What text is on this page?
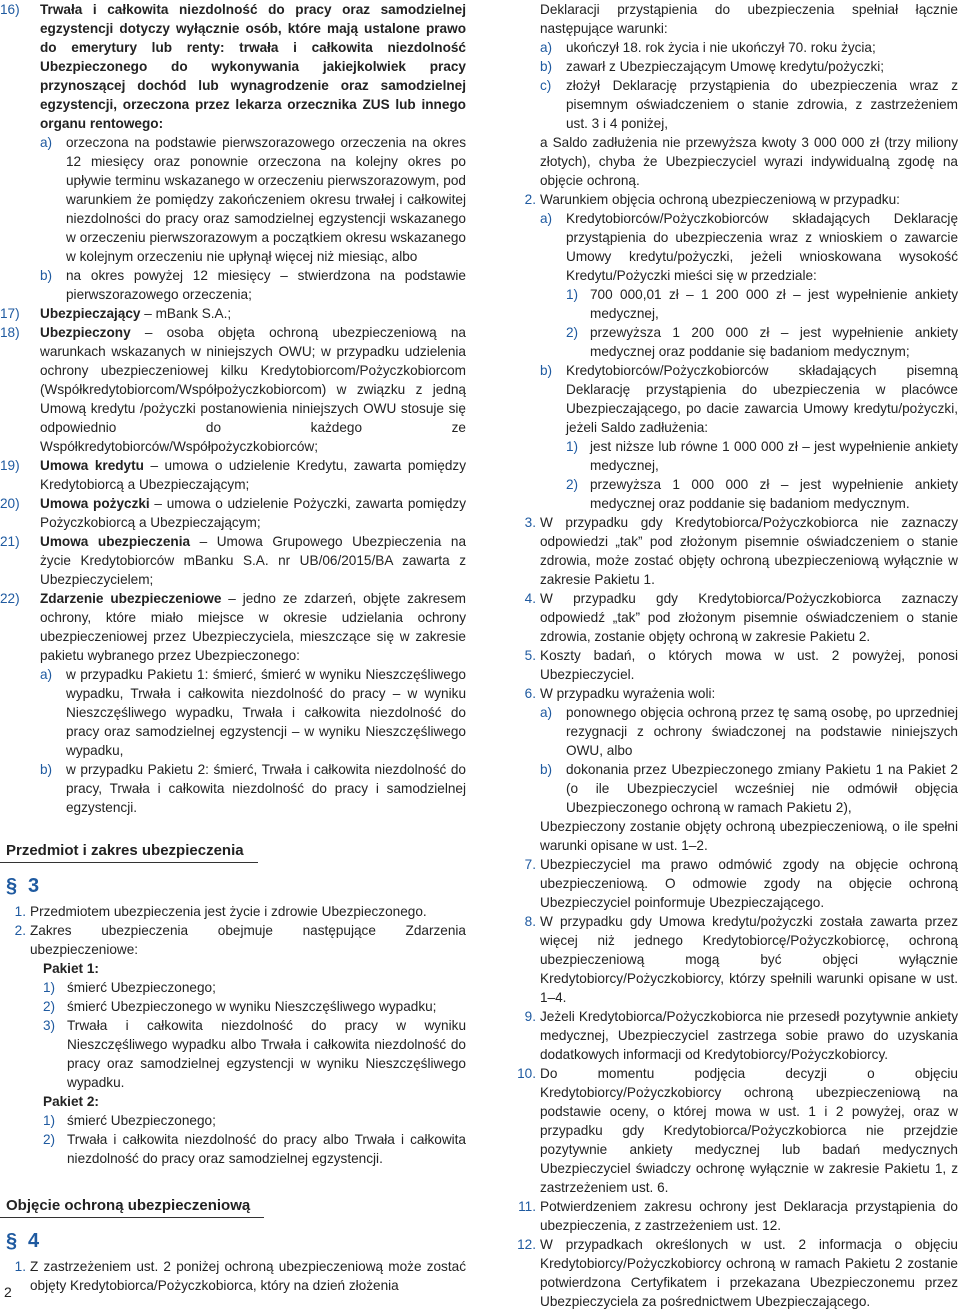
16)	Trwała i całkowita niezdolność do pracy oraz samodzielnej egzystencji dotyczy wyłącznie osób, które mają ustalone prawo do emerytury lub renty: trwała i całkowita niezdolność Ubezpieczonego do wykonywania jakiejkolwiek pracy przynoszącej dochód lub wynagrodzenie oraz samodzielnej egzystencji, orzeczona przez lekarza orzecznika ZUS lub innego organu rentowego:
a) orzeczona na podstawie pierwszorazowego orzeczenia na okres 12 miesięcy oraz ponownie orzeczona na kolejny okres po upływie terminu wskazanego w orzeczeniu pierwszorazowym, pod warunkiem że pomiędzy zakończeniem okresu trwałej i całkowitej niezdolności do pracy oraz samodzielnej egzystencji wskazanego w orzeczeniu pierwszorazowym a początkiem okresu wskazanego w kolejnym orzeczeniu nie upłynął więcej niż miesiąc, albo
b) na okres powyżej 12 miesięcy – stwierdzona na podstawie pierwszorazowego orzeczenia;
17)	Ubezpieczający – mBank S.A.;
18)	Ubezpieczony – osoba objęta ochroną ubezpieczeniową na warunkach wskazanych w niniejszych OWU; w przypadku udzielenia ochrony ubezpieczeniowej kilku Kredytobiorcom/Pożyczkobiorcom (Współkredytobiorcom/Współpożyczkobiorcom) w związku z jedną Umową kredytu /pożyczki postanowienia niniejszych OWU stosuje się odpowiednio do każdego ze Współkredytobiorców/Współpożyczkobiorców;
19)	Umowa kredytu – umowa o udzielenie Kredytu, zawarta pomiędzy Kredytobiorcą a Ubezpieczającym;
20)	Umowa pożyczki – umowa o udzielenie Pożyczki, zawarta pomiędzy Pożyczkobiorcą a Ubezpieczającym;
21)	Umowa ubezpieczenia – Umowa Grupowego Ubezpieczenia na życie Kredytobiorców mBanku S.A. nr UB/06/2015/BA zawarta z Ubezpieczycielem;
22)	Zdarzenie ubezpieczeniowe – jedno ze zdarzeń, objęte zakresem ochrony, które miało miejsce w okresie udzielania ochrony ubezpieczeniowej przez Ubezpieczyciela, mieszczące się w zakresie pakietu wybranego przez Ubezpieczonego:
a) w przypadku Pakietu 1: śmierć, śmierć w wyniku Nieszczęśliwego wypadku, Trwała i całkowita niezdolność do pracy – w wyniku Nieszczęśliwego wypadku, Trwała i całkowita niezdolność do pracy oraz samodzielnej egzystencji – w wyniku Nieszczęśliwego wypadku,
b) w przypadku Pakietu 2: śmierć, Trwała i całkowita niezdolność do pracy, Trwała i całkowita niezdolność do pracy i samodzielnej egzystencji.
Przedmiot i zakres ubezpieczenia
§ 3
1. Przedmiotem ubezpieczenia jest życie i zdrowie Ubezpieczonego.
2. Zakres ubezpieczenia obejmuje następujące Zdarzenia ubezpieczeniowe:
Pakiet 1:
1) śmierć Ubezpieczonego;
2) śmierć Ubezpieczonego w wyniku Nieszczęśliwego wypadku;
3) Trwała i całkowita niezdolność do pracy w wyniku Nieszczęśliwego wypadku albo Trwała i całkowita niezdolność do pracy oraz samodzielnej egzystencji w wyniku Nieszczęśliwego wypadku.
Pakiet 2:
1) śmierć Ubezpieczonego;
2) Trwała i całkowita niezdolność do pracy albo Trwała i całkowita niezdolność do pracy oraz samodzielnej egzystencji.
Objęcie ochroną ubezpieczeniową
§ 4
1. Z zastrzeżeniem ust. 2 poniżej ochroną ubezpieczeniową może zostać objęty Kredytobiorca/Pożyczkobiorca, który na dzień złożenia

Deklaracji przystąpienia do ubezpieczenia spełniał łącznie następujące warunki:

a) ukończył 18. rok życia i nie ukończył 70. roku życia;
b) zawarł z Ubezpieczającym Umowę kredytu/pożyczki;
c) złożył Deklarację przystąpienia do ubezpieczenia wraz z pisemnym oświadczeniem o stanie zdrowia, z zastrzeżeniem ust. 3 i 4 poniżej,

a Saldo zadłużenia nie przewyższa kwoty 3 000 000 zł (trzy miliony złotych), chyba że Ubezpieczyciel wyrazi indywidualną zgodę na objęcie ochroną.

2. Warunkiem objęcia ochroną ubezpieczeniową w przypadku:
a) Kredytobiorców/Pożyczkobiorców składających Deklarację przystąpienia do ubezpieczenia wraz z wnioskiem o zawarcie Umowy kredytu/pożyczki, jeżeli wnioskowana wysokość Kredytu/Pożyczki mieści się w przedziale:
1) 700 000,01 zł – 1 200 000 zł – jest wypełnienie ankiety medycznej,
2) przewyższa 1 200 000 zł – jest wypełnienie ankiety medycznej oraz poddanie się badaniom medycznym;
b) Kredytobiorców/Pożyczkobiorców składających pisemną Deklarację przystąpienia do ubezpieczenia w placówce Ubezpieczającego, po dacie zawarcia Umowy kredytu/pożyczki, jeżeli Saldo zadłużenia:
1) jest niższe lub równe 1 000 000 zł – jest wypełnienie ankiety medycznej,
2) przewyższa 1 000 000 zł – jest wypełnienie ankiety medycznej oraz poddanie się badaniom medycznym.
3. W przypadku gdy Kredytobiorca/Pożyczkobiorca nie zaznaczy odpowiedzi „tak” pod złożonym pisemnie oświadczeniem o stanie zdrowia, może zostać objęty ochroną ubezpieczeniową wyłącznie w zakresie Pakietu 1.
4. W przypadku gdy Kredytobiorca/Pożyczkobiorca zaznaczy odpowiedź „tak” pod złożonym pisemnie oświadczeniem o stanie zdrowia, zostanie objęty ochroną w zakresie Pakietu 2.
5. Koszty badań, o których mowa w ust. 2 powyżej, ponosi Ubezpieczyciel.
6. W przypadku wyrażenia woli:
a) ponownego objęcia ochroną przez tę samą osobę, po uprzedniej rezygnacji z ochrony świadczonej na podstawie niniejszych OWU, albo
b) dokonania przez Ubezpieczonego zmiany Pakietu 1 na Pakiet 2 (o ile Ubezpieczyciel wcześniej nie odmówił objęcia Ubezpieczonego ochroną w ramach Pakietu 2),

Ubezpieczony zostanie objęty ochroną ubezpieczeniową, o ile spełni warunki opisane w ust. 1–2.

7. Ubezpieczyciel ma prawo odmówić zgody na objęcie ochroną ubezpieczeniową. O odmowie zgody na objęcie ochroną Ubezpieczyciel poinformuje Ubezpieczającego.
8. W przypadku gdy Umowa kredytu/pożyczki została zawarta przez więcej niż jednego Kredytobiorcę/Pożyczkobiorcę, ochroną ubezpieczeniową mogą być objęci wyłącznie Kredytobiorcy/Pożyczkobiorcy, którzy spełnili warunki opisane w ust. 1–4.
9. Jeżeli Kredytobiorca/Pożyczkobiorca nie przesedł pozytywnie ankiety medycznej, Ubezpieczyciel zastrzega sobie prawo do uzyskania dodatkowych informacji od Kredytobiorcy/Pożyczkobiorcy.
10. Do momentu podjęcia decyzji o objęciu Kredytobiorcy/Pożyczkobiorcy ochroną ubezpieczeniową na podstawie oceny, o której mowa w ust. 1 i 2 powyżej, oraz w przypadku gdy Kredytobiorca/Pożyczkobiorca nie przejdzie pozytywnie ankiety medycznej lub badań medycznych Ubezpieczyciel świadczy ochronę wyłącznie w zakresie Pakietu 1, z zastrzeżeniem ust. 6.
11. Potwierdzeniem zakresu ochrony jest Deklaracja przystąpienia do ubezpieczenia, z zastrzeżeniem ust. 12.
12. W przypadkach określonych w ust. 2 informacja o objęciu Kredytobiorcy/Pożyczkobiorcy ochroną w ramach Pakietu 2 zostanie potwierdzona Certyfikatem i przekazana Ubezpieczonemu przez Ubezpieczyciela za pośrednictwem Ubezpieczającego.
2
